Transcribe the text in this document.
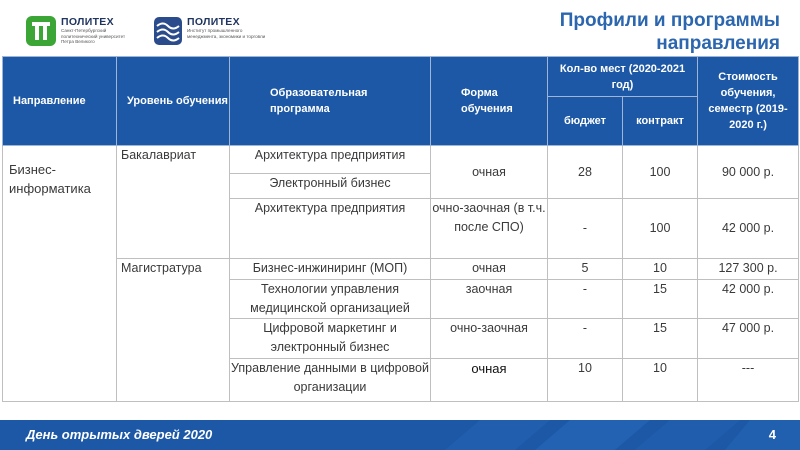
ПОЛИТЕХ
Санкт-Петербургский
политехнический университет
Петра Великого
ПОЛИТЕХ
Институт промышленного
менеджмента, экономики и торговли
Профили и программы
направления
Направление	Уровень обучения	Образовательная программа	Форма обучения	Кол-во мест (2020-2021 год)		Стоимость обучения, семестр (2019-2020 г.)
				бюджет	контракт	
Бизнес-информатика	Бакалавриат	Архитектура предприятия	очная	28	100	90 000 р.
		Электронный бизнес				
		Архитектура предприятия	очно-заочная (в т.ч. после СПО)	-	100	42 000 р.
	Магистратура	Бизнес-инжиниринг (МОП)	очная	5	10	127 300 р.
		Технологии управления медицинской организацией	заочная	-	15	42 000 р.
		Цифровой маркетинг и электронный бизнес	очно-заочная	-	15	47 000 р.
		Управление данными в цифровой организации	очная	10	10	---
День отрытых дверей 2020	4
